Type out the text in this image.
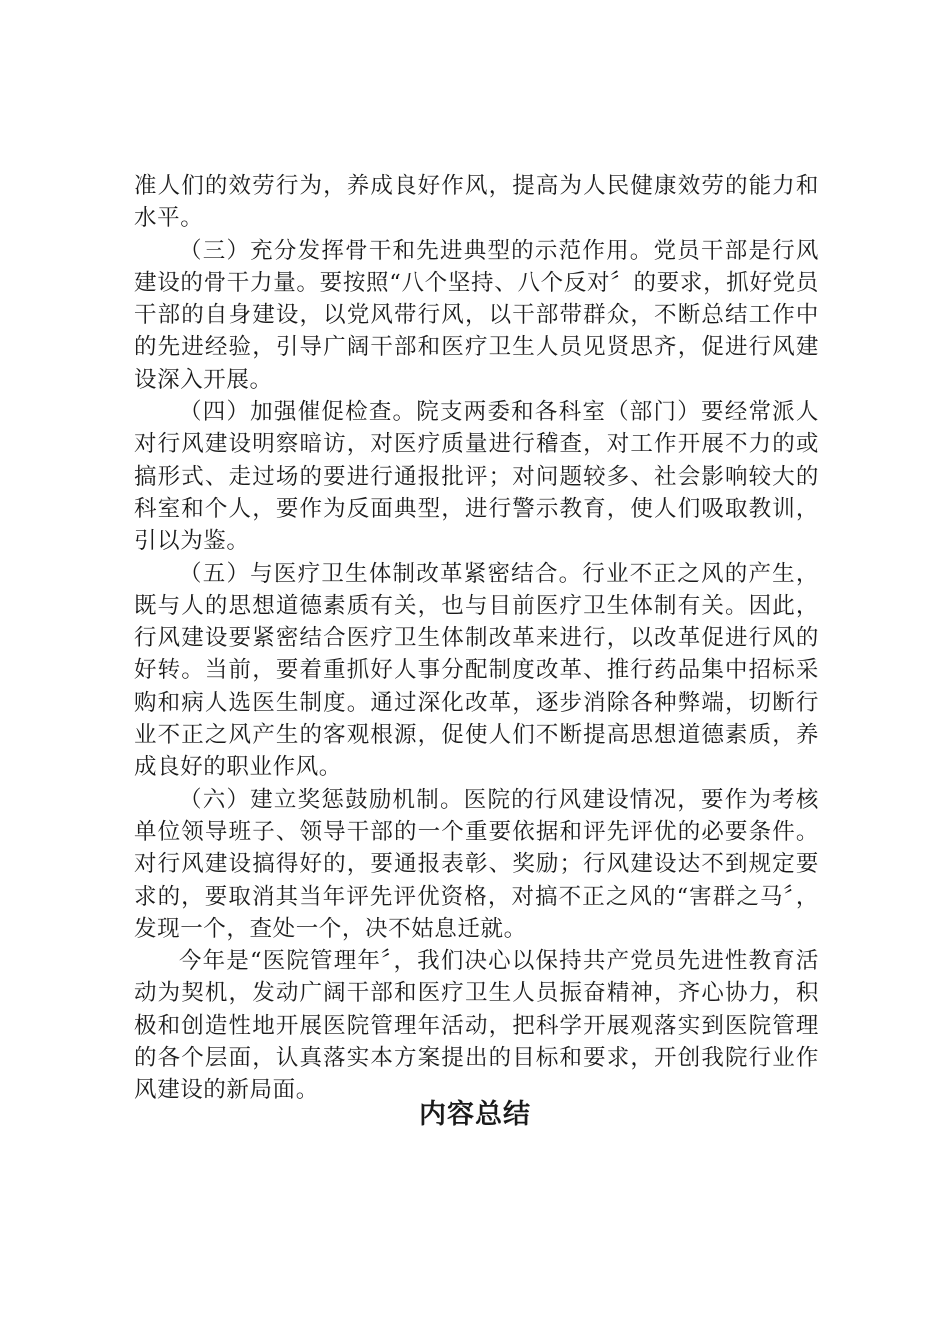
准人们的效劳行为，养成良好作风，提高为人民健康效劳的能力和水平。

（三）充分发挥骨干和先进典型的示范作用。党员干部是行风建设的骨干力量。要按照“八个坚持、八个反对〞的要求，抓好党员干部的自身建设，以党风带行风，以干部带群众，不断总结工作中的先进经验，引导广阔干部和医疗卫生人员见贤思齐，促进行风建设深入开展。

（四）加强催促检查。院支两委和各科室（部门）要经常派人对行风建设明察暗访，对医疗质量进行稽查，对工作开展不力的或搞形式、走过场的要进行通报批评；对问题较多、社会影响较大的科室和个人，要作为反面典型，进行警示教育，使人们吸取教训，引以为鉴。

（五）与医疗卫生体制改革紧密结合。行业不正之风的产生，既与人的思想道德素质有关，也与目前医疗卫生体制有关。因此，行风建设要紧密结合医疗卫生体制改革来进行，以改革促进行风的好转。当前，要着重抓好人事分配制度改革、推行药品集中招标采购和病人选医生制度。通过深化改革，逐步消除各种弊端，切断行业不正之风产生的客观根源，促使人们不断提高思想道德素质，养成良好的职业作风。

（六）建立奖惩鼓励机制。医院的行风建设情况，要作为考核单位领导班子、领导干部的一个重要依据和评先评优的必要条件。对行风建设搞得好的，要通报表彰、奖励；行风建设达不到规定要求的，要取消其当年评先评优资格，对搞不正之风的“害群之马〞，发现一个，查处一个，决不姑息迁就。

今年是“医院管理年〞，我们决心以保持共产党员先进性教育活动为契机，发动广阔干部和医疗卫生人员振奋精神，齐心协力，积极和创造性地开展医院管理年活动，把科学开展观落实到医院管理的各个层面，认真落实本方案提出的目标和要求，开创我院行业作风建设的新局面。

内容总结
